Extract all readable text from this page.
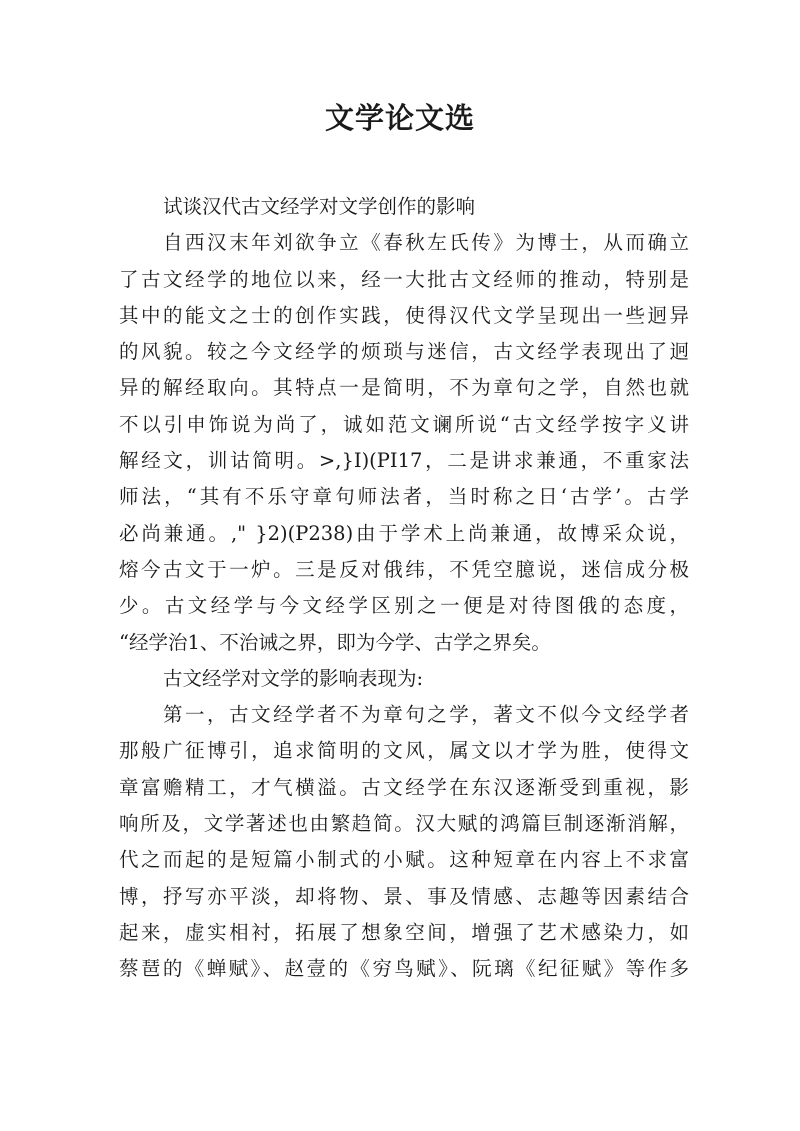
文学论文选
试谈汉代古文经学对文学创作的影响
自西汉末年刘欲争立《春秋左氏传》为博士，从而确立
了古文经学的地位以来，经一大批古文经师的推动，特别是
其中的能文之士的创作实践，使得汉代文学呈现出一些迥异
的风貌。较之今文经学的烦琐与迷信，古文经学表现出了迥
异的解经取向。其特点一是简明，不为章句之学，自然也就
不以引申饰说为尚了，诚如范文谰所说“古文经学按字义讲
解经文，训诂简明。>,}I)(PI17，二是讲求兼通，不重家法
师法，“其有不乐守章句师法者，当时称之日‘古学’。古学
必尚兼通。," }2)(P238)由于学术上尚兼通，故博采众说，
熔今古文于一炉。三是反对俄纬，不凭空臆说，迷信成分极
少。古文经学与今文经学区别之一便是对待图俄的态度，
“经学治1、不治诫之界，即为今学、古学之界矣。
古文经学对文学的影响表现为:
第一，古文经学者不为章句之学，著文不似今文经学者
那般广征博引，追求简明的文风，属文以才学为胜，使得文
章富赡精工，才气横溢。古文经学在东汉逐渐受到重视，影
响所及，文学著述也由繁趋简。汉大赋的鸿篇巨制逐渐消解，
代之而起的是短篇小制式的小赋。这种短章在内容上不求富
博，抒写亦平淡，却将物、景、事及情感、志趣等因素结合
起来，虚实相衬，拓展了想象空间，增强了艺术感染力，如
蔡琶的《蝉赋》、赵壹的《穷鸟赋》、阮璃《纪征赋》等作多
